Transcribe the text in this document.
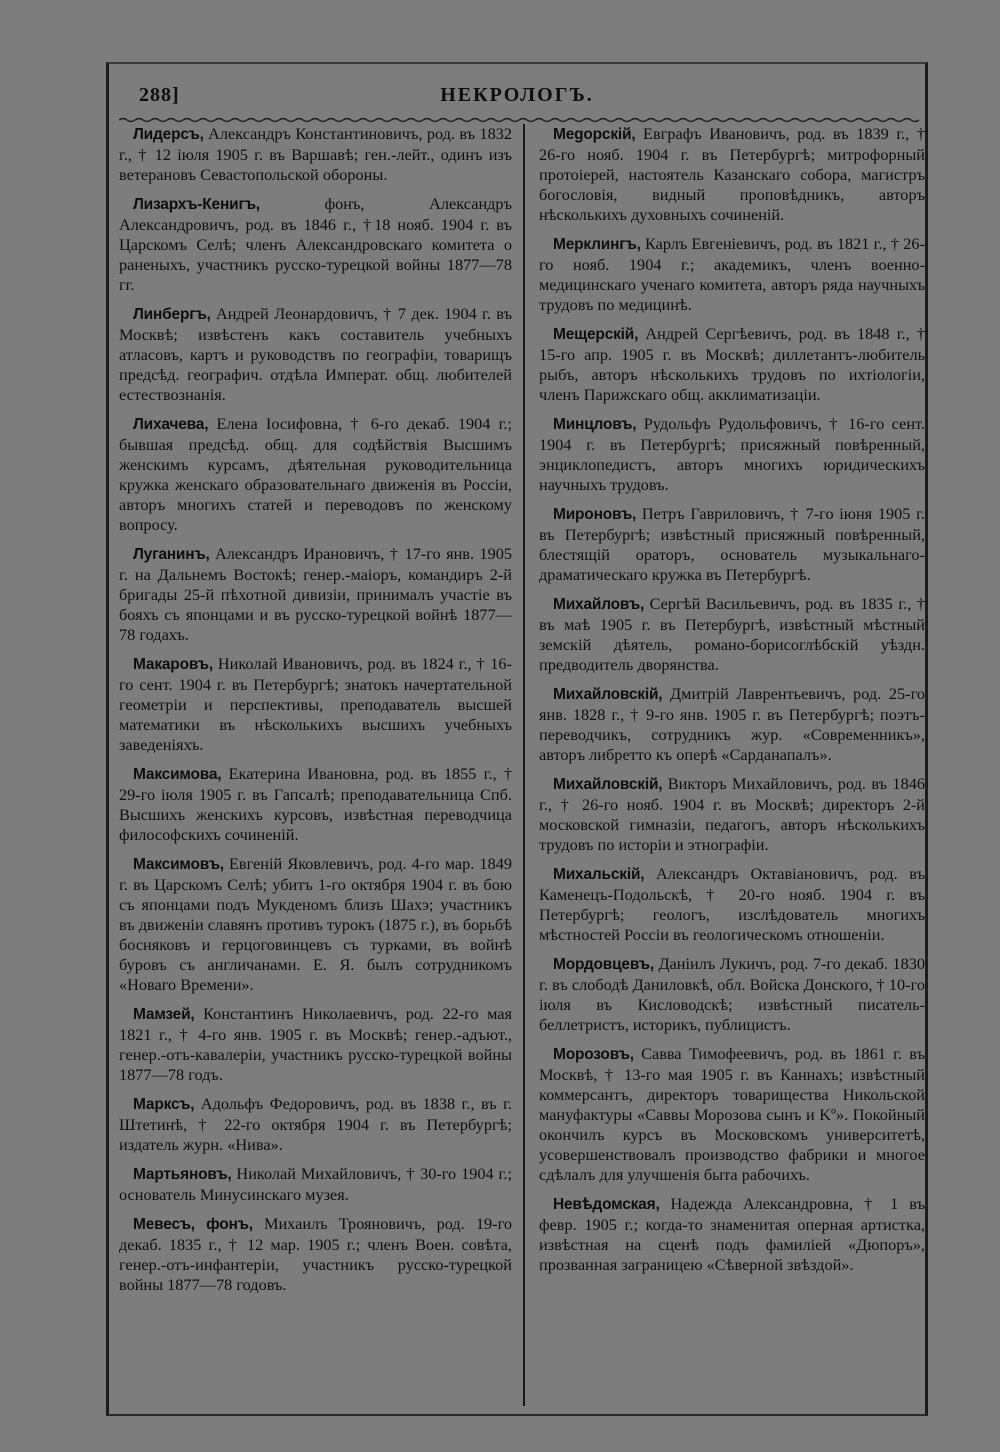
288]	НЕКРОЛОГЪ.

Лидерсъ, Александръ Константиновичъ, род. въ 1832 г., † 12 іюля 1905 г. въ Варшавѣ; ген.-лейт., одинъ изъ ветерановъ Севастопольской обороны.

Лизархъ-Кенигъ, фонъ, Александръ Александровичъ, род. въ 1846 г., †18 нояб. 1904 г. въ Царскомъ Селѣ; членъ Александровскаго комитета о раненыхъ, участникъ русско-турецкой войны 1877—78 гг.

Линбергъ, Андрей Леонардовичъ, † 7 дек. 1904 г. въ Москвѣ; извѣстенъ какъ составитель учебныхъ атласовъ, картъ и руководствъ по географіи, товарищъ предсѣд. географич. отдѣла Императ. общ. любителей естествознанія.

Лихачева, Елена Іосифовна, † 6-го декаб. 1904 г.; бывшая предсѣд. общ. для содѣйствія Высшимъ женскимъ курсамъ, дѣятельная руководительница кружка женскаго образовательнаго движенія въ Россіи, авторъ многихъ статей и переводовъ по женскому вопросу.

Луганинъ, Александръ Ирановичъ, † 17-го янв. 1905 г. на Дальнемъ Востокѣ; генер.-маіоръ, командиръ 2-й бригады 25-й пѣхотной дивизіи, принималъ участіе въ бояхъ съ японцами и въ русско-турецкой войнѣ 1877—78 годахъ.

Макаровъ, Николай Ивановичъ, род. въ 1824 г., † 16-го сент. 1904 г. въ Петербургѣ; знатокъ начертательной геометріи и перспективы, преподаватель высшей математики въ нѣсколькихъ высшихъ учебныхъ заведеніяхъ.

Максимова, Екатерина Ивановна, род. въ 1855 г., † 29-го іюля 1905 г. въ Гапсалѣ; преподавательница Спб. Высшихъ женскихъ курсовъ, извѣстная переводчица философскихъ сочиненій.

Максимовъ, Евгеній Яковлевичъ, род. 4-го мар. 1849 г. въ Царскомъ Селѣ; убитъ 1-го октября 1904 г. въ бою съ японцами подъ Мукденомъ близъ Шахэ; участникъ въ движеніи славянъ противъ турокъ (1875 г.), въ борьбѣ босняковъ и герцоговинцевъ съ турками, въ войнѣ буровъ съ англичанами. Е. Я. былъ сотрудникомъ «Новаго Времени».

Мамзей, Константинъ Николаевичъ, род. 22-го мая 1821 г., † 4-го янв. 1905 г. въ Москвѣ; генер.-адъют., генер.-отъ-кавалеріи, участникъ русско-турецкой войны 1877—78 годъ.

Марксъ, Адольфъ Федоровичъ, род. въ 1838 г., въ г. Штетинѣ, † 22-го октября 1904 г. въ Петербургѣ; издатель журн. «Нива».

Мартьяновъ, Николай Михайловичъ, † 30-го 1904 г.; основатель Минусинскаго музея.

Мевесъ, фонъ, Михаилъ Трояновичъ, род. 19-го декаб. 1835 г., † 12 мар. 1905 г.; членъ Воен. совѣта, генер.-отъ-инфантеріи, участникъ русско-турецкой войны 1877—78 годовъ.

Меgорскій, Евграфъ Ивановичъ, род. въ 1839 г., † 26-го нояб. 1904 г. въ Петербургѣ; митрофорный протоіерей, настоятель Казанскаго собора, магистръ богословія, видный проповѣдникъ, авторъ нѣсколькихъ духовныхъ сочиненій.

Мерклингъ, Карлъ Евгеніевичъ, род. въ 1821 г., † 26-го нояб. 1904 г.; академикъ, членъ военно-медицинскаго ученаго комитета, авторъ ряда научныхъ трудовъ по медицинѣ.

Мещерскій, Андрей Сергѣевичъ, род. въ 1848 г., † 15-го апр. 1905 г. въ Москвѣ; диллетантъ-любитель рыбъ, авторъ нѣсколькихъ трудовъ по ихтіологіи, членъ Парижскаго общ. акклиматизаціи.

Минцловъ, Рудольфъ Рудольфовичъ, † 16-го сент. 1904 г. въ Петербургѣ; присяжный повѣренный, энциклопедистъ, авторъ многихъ юридическихъ научныхъ трудовъ.

Мироновъ, Петръ Гавриловичъ, † 7-го іюня 1905 г. въ Петербургѣ; извѣстный присяжный повѣренный, блестящій ораторъ, основатель музыкальнаго-драматическаго кружка въ Петербургѣ.

Михайловъ, Сергѣй Васильевичъ, род. въ 1835 г., † въ маѣ 1905 г. въ Петербургѣ, извѣстный мѣстный земскій дѣятель, романо-борисоглѣбскій уѣздн. предводитель дворянства.

Михайловскій, Дмитрій Лаврентьевичъ, род. 25-го янв. 1828 г., † 9-го янв. 1905 г. въ Петербургѣ; поэтъ-переводчикъ, сотрудникъ жур. «Современникъ», авторъ либретто къ оперѣ «Сарданапалъ».

Михайловскій, Викторъ Михайловичъ, род. въ 1846 г., † 26-го нояб. 1904 г. въ Москвѣ; директоръ 2-й московской гимназіи, педагогъ, авторъ нѣсколькихъ трудовъ по исторіи и этнографіи.

Михальскій, Александръ Октавіановичъ, род. въ Каменецъ-Подольскѣ, † 20-го нояб. 1904 г. въ Петербургѣ; геологъ, изслѣдователь многихъ мѣстностей Россіи въ геологическомъ отношеніи.

Мордовцевъ, Даніилъ Лукичъ, род. 7-го декаб. 1830 г. въ слободѣ Даниловкѣ, обл. Войска Донского, † 10-го іюля въ Кисловодскѣ; извѣстный писатель-беллетристъ, историкъ, публицистъ.

Морозовъ, Савва Тимофеевичъ, род. въ 1861 г. въ Москвѣ, † 13-го мая 1905 г. въ Каннахъ; извѣстный коммерсантъ, директоръ товарищества Никольской мануфактуры «Саввы Морозова сынъ и Kº». Покойный окончилъ курсъ въ Московскомъ университетѣ, усовершенствовалъ производство фабрики и многое сдѣлалъ для улучшенія быта рабочихъ.

Невѣдомская, Надежда Александровна, † 1 въ февр. 1905 г.; когда-то знаменитая оперная артистка, извѣстная на сценѣ подъ фамиліей «Дюпоръ», прозванная заграницею «Сѣверной звѣздой».
